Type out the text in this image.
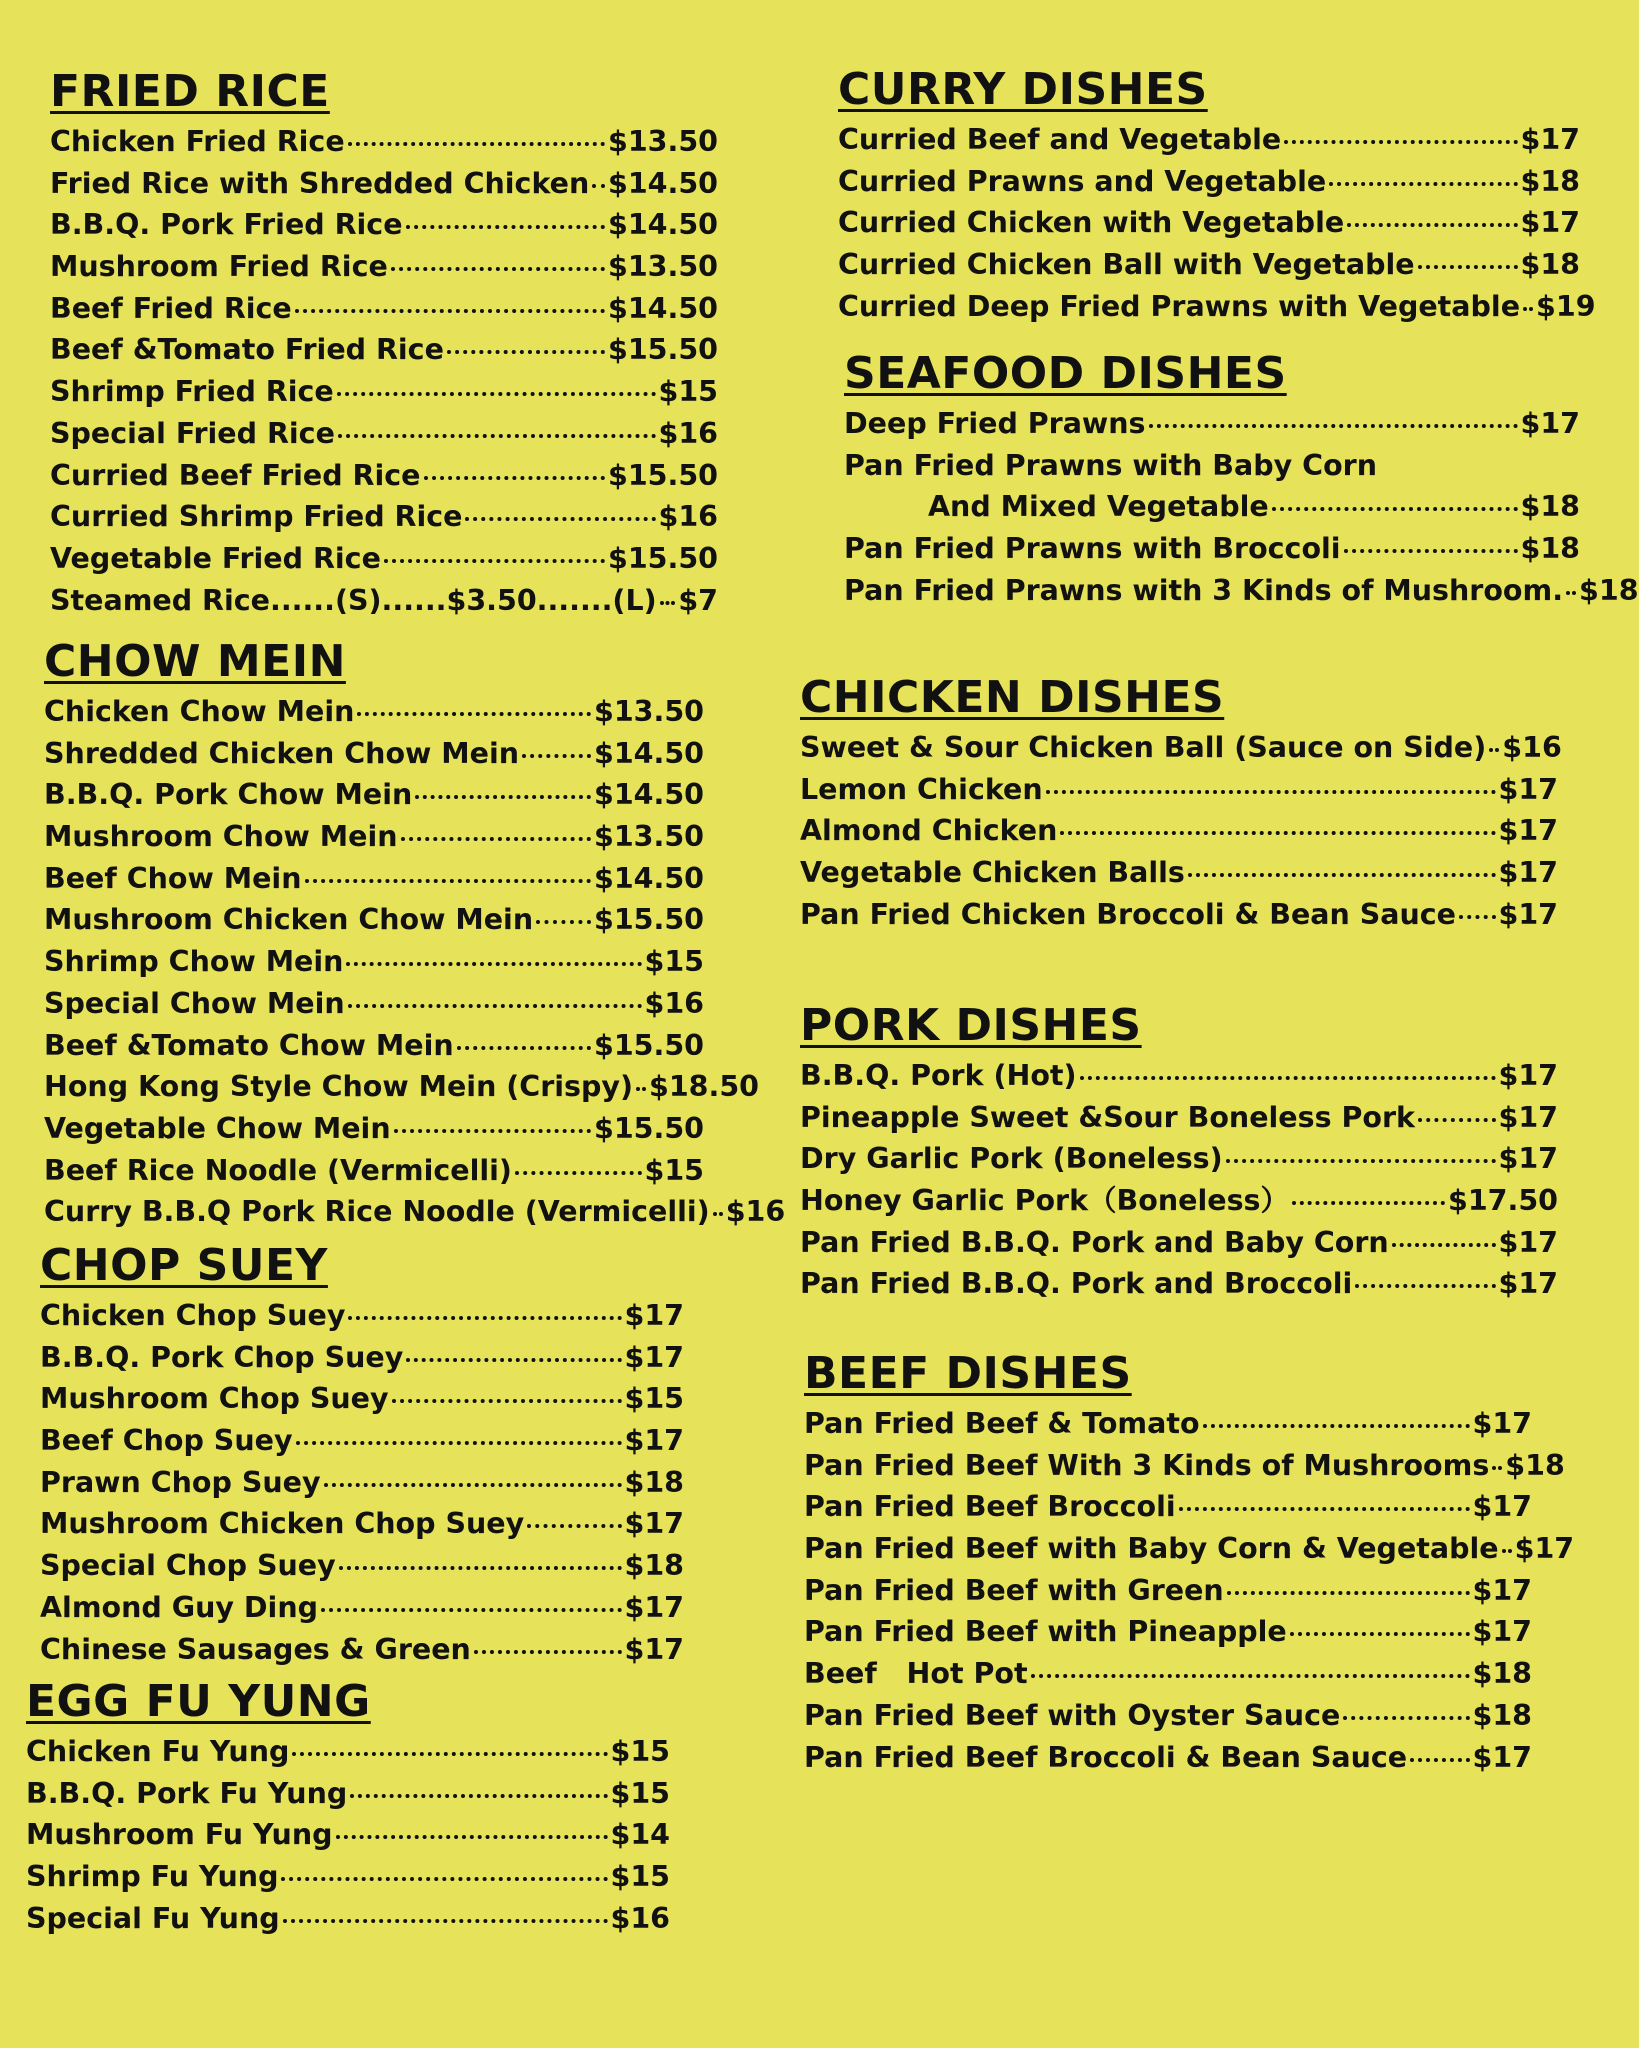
FRIED RICE
Chicken Fried Rice	$13.50
Fried Rice with Shredded Chicken $14.50
B.B.Q. Pork Fried Rice	$14.50
Mushroom Fried Rice	$13.50
Beef Fried Rice	$14.50
Beef &Tomato Fried Rice	$15.50
Shrimp Fried Rice	$15
Special Fried Rice	$16
Curried Beef Fried Rice	$15.50
Curried Shrimp Fried Rice	$16
Vegetable Fried Rice	$15.50
Steamed Rice......(S)......$3.50.......(L) $7
CHOW MEIN
Chicken Chow Mein	$13.50
Shredded Chicken Chow Mein	$14.50
B.B.Q. Pork Chow Mein	$14.50
Mushroom Chow Mein	$13.50
Beef Chow Mein	$14.50
Mushroom Chicken Chow Mein $15.50
Shrimp Chow Mein	$15
Special Chow Mein	$16
Beef &Tomato Chow Mein	$15.50
Hong Kong Style Chow Mein (Crispy) $18.50
Vegetable Chow Mein	$15.50
Beef Rice Noodle (Vermicelli)	$15
Curry B.B.Q Pork Rice Noodle (Vermicelli) $16
CHOP SUEY
Chicken Chop Suey	$17
B.B.Q. Pork Chop Suey	$17
Mushroom Chop Suey	$15
Beef Chop Suey	$17
Prawn Chop Suey	$18
Mushroom Chicken Chop Suey	$17
Special Chop Suey	$18
Almond Guy Ding	$17
Chinese Sausages & Green	$17
EGG FU YUNG
Chicken Fu Yung	$15
B.B.Q. Pork Fu Yung	$15
Mushroom Fu Yung	$14
Shrimp Fu Yung	$15
Special Fu Yung	$16
CURRY DISHES
Curried Beef and Vegetable	$17
Curried Prawns and Vegetable	$18
Curried Chicken with Vegetable	$17
Curried Chicken Ball with Vegetable	$18
Curried Deep Fried Prawns with Vegetable $19
SEAFOOD DISHES
Deep Fried Prawns	$17
Pan Fried Prawns with Baby Corn
And Mixed Vegetable	$18
Pan Fried Prawns with Broccoli	$18
Pan Fried Prawns with 3 Kinds of Mushroom. $18
CHICKEN DISHES
Sweet & Sour Chicken Ball (Sauce on Side) $16
Lemon Chicken	$17
Almond Chicken	$17
Vegetable Chicken Balls	$17
Pan Fried Chicken Broccoli & Bean Sauce $17
PORK DISHES
B.B.Q. Pork (Hot)	$17
Pineapple Sweet &Sour Boneless Pork	$17
Dry Garlic Pork (Boneless)	$17
Honey Garlic Pork（Boneless）	$17.50
Pan Fried B.B.Q. Pork and Baby Corn	$17
Pan Fried B.B.Q. Pork and Broccoli	$17
BEEF DISHES
Pan Fried Beef & Tomato	$17
Pan Fried Beef With 3 Kinds of Mushrooms $18
Pan Fried Beef Broccoli	$17
Pan Fried Beef with Baby Corn & Vegetable $17
Pan Fried Beef with Green	$17
Pan Fried Beef with Pineapple	$17
Beef   Hot Pot	$18
Pan Fried Beef with Oyster Sauce	$18
Pan Fried Beef Broccoli & Bean Sauce $17
